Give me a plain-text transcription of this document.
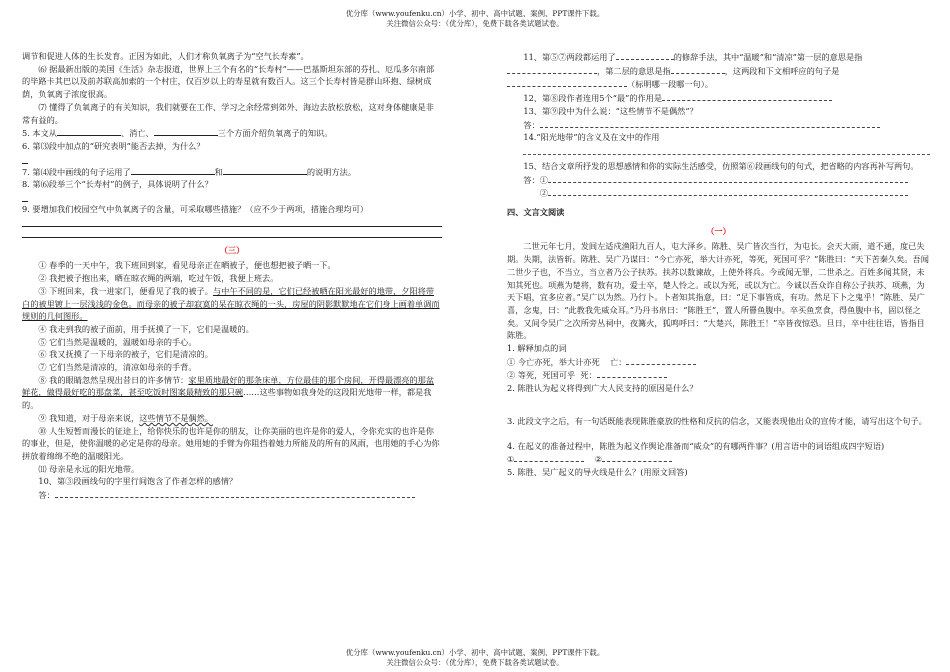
优分库（www.youfenku.cn）小学、初中、高中试题、案例、PPT课件下载。
关注微信公众号：（优分库），免费下载各类试题试卷。

调节和促进人体的生长发育。正因为如此，人们才称负氧离子为“空气长寿素”。

⑹ 据最新出版的美国《生活》杂志报道，世界上三个有名的“长寿村”——巴基斯坦东部的芬扎、厄瓜多尔南部的毕路卡其巴以及前苏联高加索的一个村庄，仅百岁以上的寿星就有数百人。这三个长寿村皆是群山环抱、绿树成荫，负氧离子浓度很高。

⑺ 懂得了负氧离子的有关知识，我们就要在工作、学习之余经常到郊外、海边去放松放松，这对身体健康是非常有益的。

5. 本文从	、消亡、	三个方面介绍负氧离子的知识。

6. 第⑶段中加点的“研究表明”能否去掉，为什么？

7. 第⑷段中画线的句子运用了	和	的说明方法。

8. 第⑹段举三个“长寿村”的例子，具体说明了什么？

9. 要增加我们校园空气中负氧离子的含量，可采取哪些措施？（应不少于两项，措施合理均可）

（三）

① 春季的一天中午，我下班回到家，看见母亲正在晒被子，便也想把被子晒一下。

② 我把被子抱出来，晒在晾衣绳的两端，吃过午饭，我便上班去。

③ 下班回来，我一进家门，便看见了我的被子。与中午不同的是，它们已经被晒在阳光最好的地带，夕阳将带白的被里镀上一层浅浅的金色。而母亲的被子却寂寞的呆在晾衣绳的一头，房屋的阴影默默地在它们身上画着单调而规则的几何图形。

④ 我走到我的被子面前，用手抚摸了一下，它们是温暖的。

⑤ 它们当然是温暖的，温暖如母亲的手心。

⑥ 我又抚摸了一下母亲的被子，它们是清凉的。

⑦ 它们当然是清凉的，清凉如母亲的手背。

⑧ 我的眼睛忽然呈现出昔日的许多情节：家里质地最好的那条床单，方位最佳的那个房间，开得最漂亮的那盆鲜花，做得最好吃的那盘菜，甚至吃饭时图案最精致的那只碗……这些事物如我身处的这段阳光地带一样，都是我的。

⑨ 我知道，对于母亲来说，这些情节不是偶然。

⑩ 人生短暂而漫长的征途上，给你快乐的也许是你的朋友，让你美丽的也许是你的爱人，令你充实的也许是你的事业，但是，使你温暖的必定是你的母亲。她用她的手臂为你阻挡着她力所能及的所有的风雨，也用她的手心为你拼放着绵绵不绝的温暖阳光。

⑾ 母亲是永远的阳光地带。

10、第③段画线句的字里行间饱含了作者怎样的感情？

答：

11、第⑤⑦两段都运用了	的修辞手法，其中“温暖”和“清凉”第一层的意思是指，第二层的意思是指	，这两段和下文相呼应的句子是（标明哪一段哪一句）。

12、第⑧段作者连用5个“最”的作用是

13、第⑨段中为什么说：“这些情节不是偶然”？

答：

14.“阳光地带”的含义及在文中的作用

15、结合文章所抒发的思想感情和你的实际生活感受，仿照第⑥段画线句的句式，把省略的内容再补写两句。

答：①

②

四、文言文阅读

（一）

二世元年七月，发闾左适戍渔阳九百人，屯大泽乡。陈胜、吴广皆次当行，为屯长。会天大雨，道不通，度已失期。失期，法皆斩。陈胜、吴广乃谋曰：“今亡亦死，举大计亦死，等死，死国可乎？”陈胜曰：“天下苦秦久矣。吾闻二世少子也，不当立，当立者乃公子扶苏。扶苏以数谏故，上使外将兵。今或闻无罪，二世杀之。百姓多闻其贤，未知其死也。项燕为楚将，数有功，爱士卒，楚人怜之。或以为死，或以为亡。今诚以吾众诈自称公子扶苏、项燕，为天下唱，宜多应者。”吴广以为然。乃行卜。卜者知其指意，曰：“足下事皆成，有功。然足下卜之鬼乎！”陈胜、吴广喜，念鬼，曰：“此教我先威众耳。”乃丹书帛曰：“陈胜王”，置人所罾鱼腹中。卒买鱼烹食，得鱼腹中书，固以怪之矣。又间令吴广之次所旁丛祠中，夜篝火，狐鸣呼曰：“大楚兴，陈胜王！”卒皆夜惊恐。旦日，卒中往往语，皆指目陈胜。

1. 解释加点的词

① 今亡亦死，举大计亦死 亡：

② 等死，死国可乎 死：

2. 陈胜认为起义将得到广大人民支持的原因是什么？

3. 此段文字之后，有一句话既能表现陈胜豪放的性格和反抗的信念，又能表现他出众的宣传才能，请写出这个句子。

4. 在起义的准备过程中，陈胜为起义作舆论准备而“威众”的有哪两件事？(用言语中的词语组成四字短语)

①	②

5. 陈胜、吴广起义的导火线是什么？(用原文回答)

优分库（www.youfenku.cn）小学、初中、高中试题、案例、PPT课件下载。
关注微信公众号：（优分库），免费下载各类试题试卷。
